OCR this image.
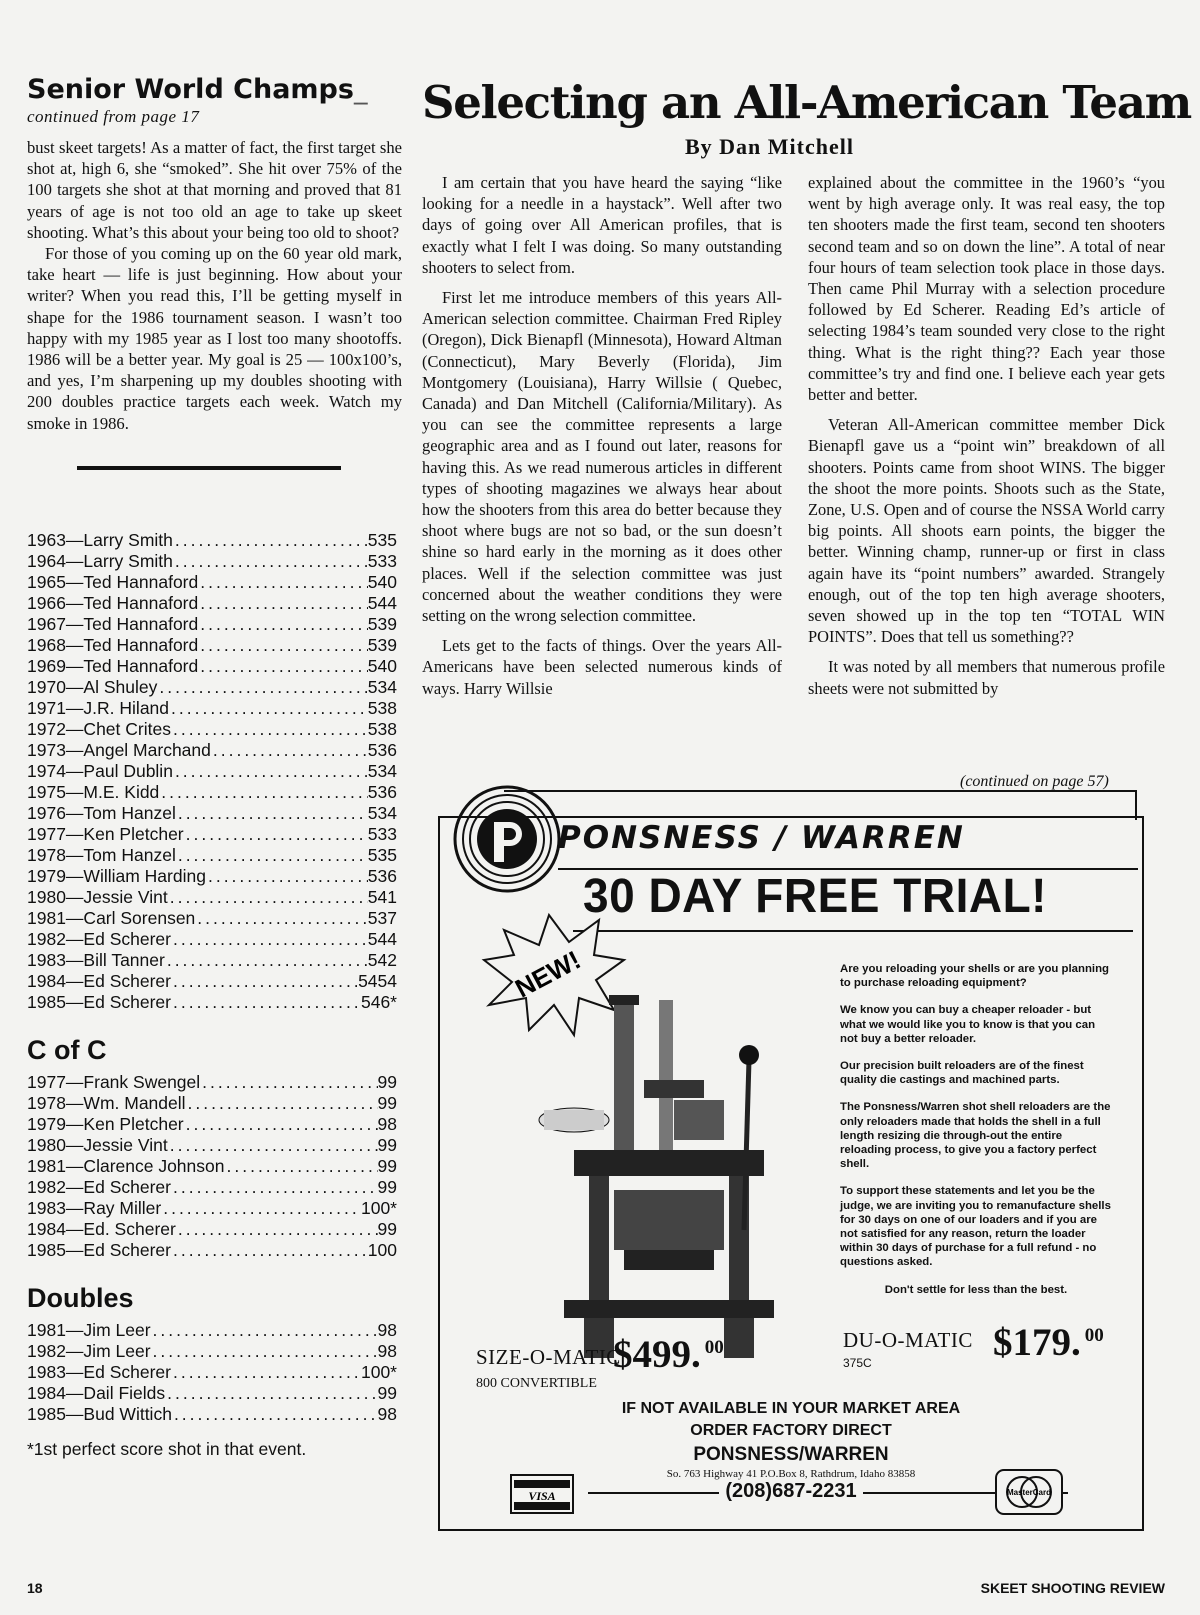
Senior World Champs_
continued from page 17

bust skeet targets! As a matter of fact, the first target she shot at, high 6, she “smoked”. She hit over 75% of the 100 targets she shot at that morning and proved that 81 years of age is not too old an age to take up skeet shooting. What’s this about your being too old to shoot?

For those of you coming up on the 60 year old mark, take heart — life is just beginning. How about your writer? When you read this, I’ll be getting myself in shape for the 1986 tournament season. I wasn’t too happy with my 1985 year as I lost too many shootoffs. 1986 will be a better year. My goal is 25 — 100x100’s, and yes, I’m sharpening up my doubles shooting with 200 doubles practice targets each week. Watch my smoke in 1986.

1963—Larry Smith .....	535
1964—Larry Smith .....	533
1965—Ted Hannaford .....	540
1966—Ted Hannaford .....	544
1967—Ted Hannaford .....	539
1968—Ted Hannaford .....	539
1969—Ted Hannaford .....	540
1970—Al Shuley .....	534
1971—J.R. Hiland .....	538
1972—Chet Crites .....	538
1973—Angel Marchand .....	536
1974—Paul Dublin .....	534
1975—M.E. Kidd .....	536
1976—Tom Hanzel .....	534
1977—Ken Pletcher .....	533
1978—Tom Hanzel .....	535
1979—William Harding .....	536
1980—Jessie Vint .....	541
1981—Carl Sorensen .....	537
1982—Ed Scherer .....	544
1983—Bill Tanner .....	542
1984—Ed Scherer .....	5454
1985—Ed Scherer .....	546*
C of C
1977—Frank Swengel .....	99
1978—Wm. Mandell .....	99
1979—Ken Pletcher .....	98
1980—Jessie Vint .....	99
1981—Clarence Johnson .....	99
1982—Ed Scherer .....	99
1983—Ray Miller .....	100*
1984—Ed. Scherer .....	99
1985—Ed Scherer .....	100
Doubles
1981—Jim Leer .....	98
1982—Jim Leer .....	98
1983—Ed Scherer .....	100*
1984—Dail Fields .....	99
1985—Bud Wittich .....	98
*1st perfect score shot in that event.
Selecting an All-American Team
By Dan Mitchell

I am certain that you have heard the saying “like looking for a needle in a haystack”. Well after two days of going over All American profiles, that is exactly what I felt I was doing. So many outstanding shooters to select from.

First let me introduce members of this years All-American selection committee. Chairman Fred Ripley (Oregon), Dick Bienapfl (Minnesota), Howard Altman (Connecticut), Mary Beverly (Florida), Jim Montgomery (Louisiana), Harry Willsie ( Quebec, Canada) and Dan Mitchell (California/Military). As you can see the committee represents a large geographic area and as I found out later, reasons for having this. As we read numerous articles in different types of shooting magazines we always hear about how the shooters from this area do better because they shoot where bugs are not so bad, or the sun doesn’t shine so hard early in the morning as it does other places. Well if the selection committee was just concerned about the weather conditions they were setting on the wrong selection committee.

Lets get to the facts of things. Over the years All-Americans have been selected numerous kinds of ways. Harry Willsie

explained about the committee in the 1960’s “you went by high average only. It was real easy, the top ten shooters made the first team, second ten shooters second team and so on down the line”. A total of near four hours of team selection took place in those days. Then came Phil Murray with a selection procedure followed by Ed Scherer. Reading Ed’s article of selecting 1984’s team sounded very close to the right thing. What is the right thing?? Each year those committee’s try and find one. I believe each year gets better and better.

Veteran All-American committee member Dick Bienapfl gave us a “point win” breakdown of all shooters. Points came from shoot WINS. The bigger the shoot the more points. Shoots such as the State, Zone, U.S. Open and of course the NSSA World carry big points. All shoots earn points, the bigger the better. Winning champ, runner-up or first in class again have its “point numbers” awarded. Strangely enough, out of the top ten high average shooters, seven showed up in the top ten “TOTAL WIN POINTS”. Does that tell us something??

It was noted by all members that numerous profile sheets were not submitted by

(continued on page 57)
PONSNESS / WARREN
30 DAY FREE TRIAL!
NEW!	Are you reloading your shells or are you planning to purchase reloading equipment?

We know you can buy a cheaper reloader - but what we would like you to know is that you can not buy a better reloader.

Our precision built reloaders are of the finest quality die castings and machined parts.

The Ponsness/Warren shot shell reloaders are the only reloaders made that holds the shell in a full length resizing die through-out the entire reloading process, to give you a factory perfect shell.

To support these statements and let you be the judge, we are inviting you to remanufacture shells for 30 days on one of our loaders and if you are not satisfied for any reason, return the loader within 30 days of purchase for a full refund - no questions asked.

Don't settle for less than the best.

SIZE-O-MATIC
$499. $^{00}$
800 CONVERTIBLE
DU-O-MATIC
375C	$179. $^{00}$
IF NOT AVAILABLE IN YOUR MARKET AREA
ORDER FACTORY DIRECT
PONSNESS/WARREN
So. 763 Highway 41 P.O.Box 8, Rathdrum, Idaho 83858
(208)687-2231
VISA	MasterCard
18	SKEET SHOOTING REVIEW
